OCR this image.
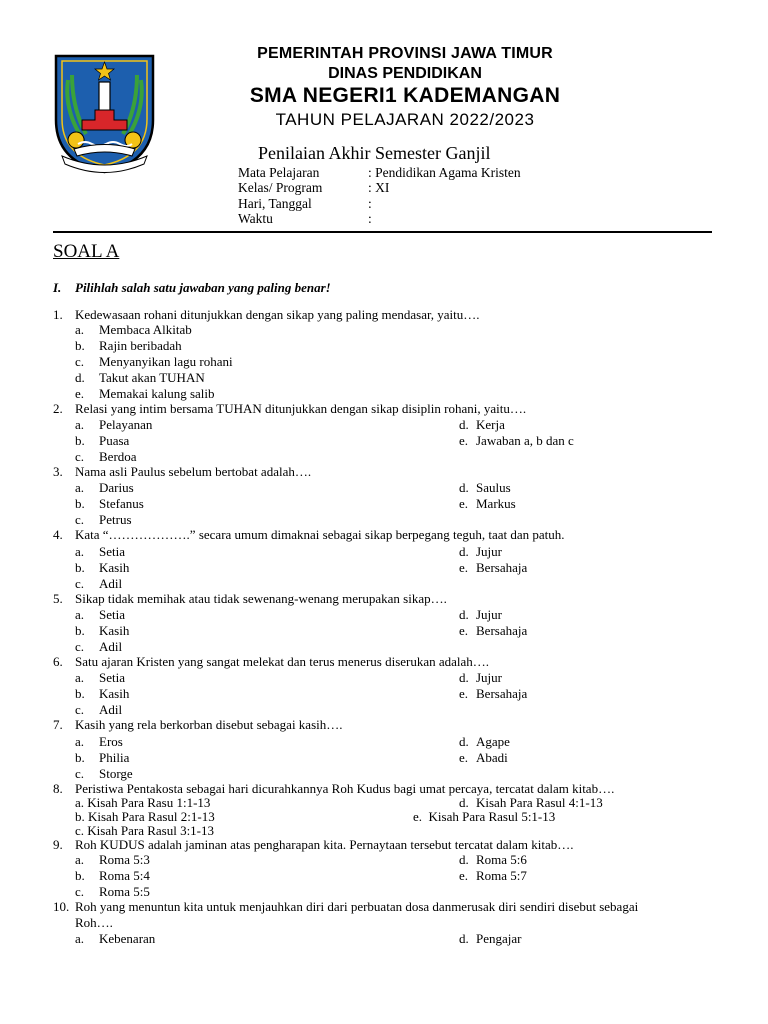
PEMERINTAH PROVINSI JAWA TIMUR
DINAS PENDIDIKAN
SMA NEGERI1 KADEMANGAN
TAHUN PELAJARAN 2022/2023
Penilaian Akhir Semester Ganjil
Mata Pelajaran	: Pendidikan Agama Kristen
Kelas/ Program	: XI
Hari, Tanggal	:
Waktu	:
SOAL A
I. Pilihlah salah satu jawaban yang paling benar!
1. Kedewasaan rohani ditunjukkan dengan sikap yang paling mendasar, yaitu….
a. Membaca Alkitab
b. Rajin beribadah
c. Menyanyikan lagu rohani
d. Takut akan TUHAN
e. Memakai kalung salib
2. Relasi yang intim bersama TUHAN ditunjukkan dengan sikap disiplin rohani, yaitu….
a. Pelayanan	d. Kerja
b. Puasa	e. Jawaban a, b dan c
c. Berdoa
3. Nama asli Paulus sebelum bertobat adalah….
a. Darius	d. Saulus
b. Stefanus	e. Markus
c. Petrus
4. Kata “……………….” secara umum dimaknai sebagai sikap berpegang teguh, taat dan patuh.
a. Setia	d. Jujur
b. Kasih	e. Bersahaja
c. Adil
5. Sikap tidak memihak atau tidak sewenang-wenang merupakan sikap….
a. Setia	d. Jujur
b. Kasih	e. Bersahaja
c. Adil
6. Satu ajaran Kristen yang sangat melekat dan terus menerus diserukan adalah….
a. Setia	d. Jujur
b. Kasih	e. Bersahaja
c. Adil
7. Kasih yang rela berkorban disebut sebagai kasih….
a. Eros	d. Agape
b. Philia	e. Abadi
c. Storge
8. Peristiwa Pentakosta sebagai hari dicurahkannya Roh Kudus bagi umat percaya, tercatat dalam kitab….
a. Kisah Para Rasu 1:1-13	d. Kisah Para Rasul 4:1-13
b. Kisah Para Rasul 2:1-13	e. Kisah Para Rasul 5:1-13
c. Kisah Para Rasul 3:1-13
9. Roh KUDUS adalah jaminan atas pengharapan kita. Pernaytaan tersebut tercatat dalam kitab….
a. Roma 5:3	d. Roma 5:6
b. Roma 5:4	e. Roma 5:7
c. Roma 5:5
10. Roh yang menuntun kita untuk menjauhkan diri dari perbuatan dosa danmerusak diri sendiri disebut sebagai
Roh….
a. Kebenaran	d. Pengajar
